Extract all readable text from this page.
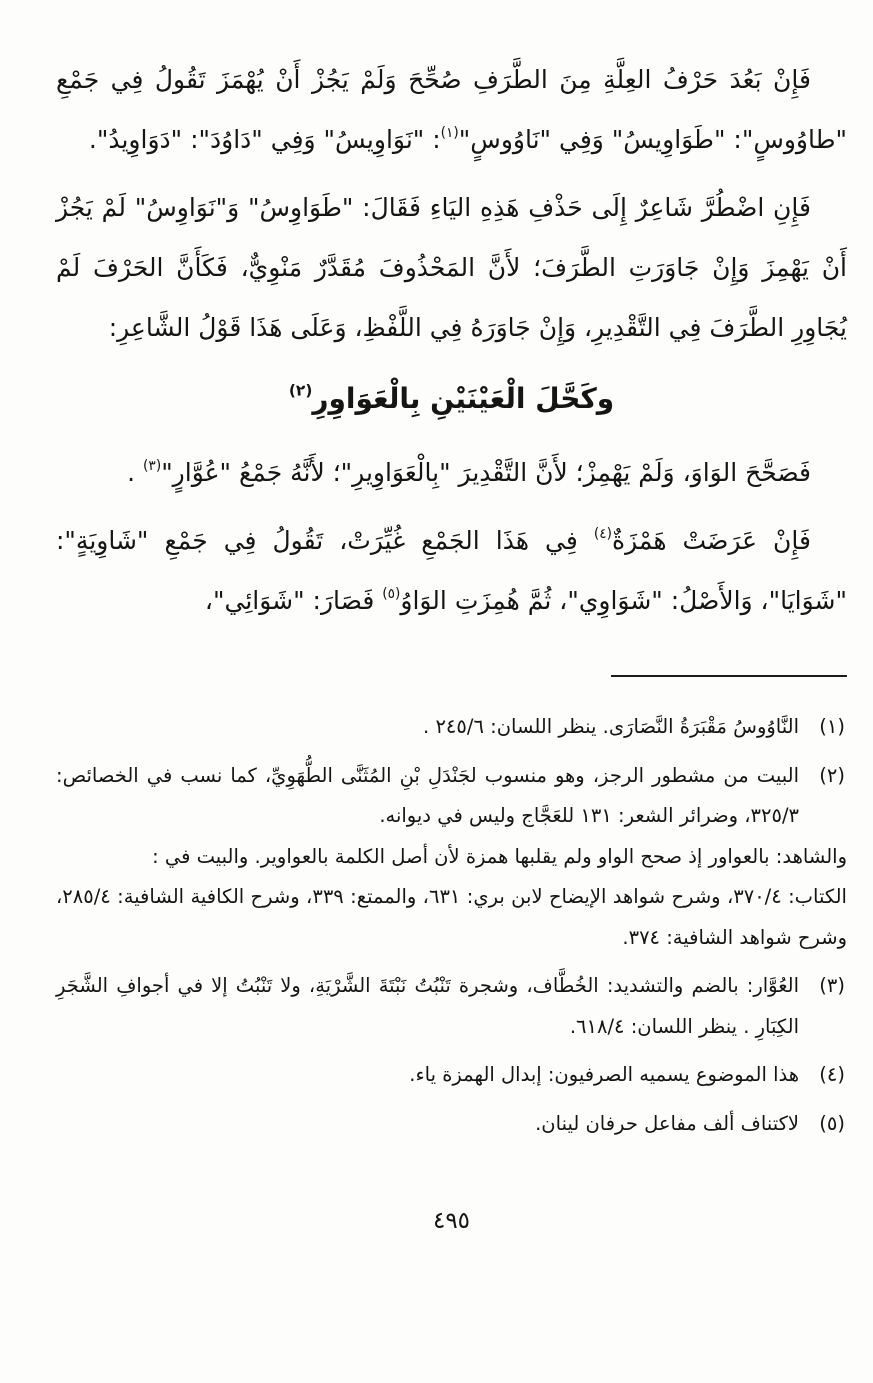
فَإِنْ بَعُدَ حَرْفُ العِلَّةِ مِنَ الطَّرَفِ صُحِّحَ وَلَمْ يَجُزْ أَنْ يُهْمَزَ تَقُولُ فِي جَمْعِ "طاوُوسٍ": "طَوَاوِيسُ" وَفِي "نَاوُوسٍ"$^{(١)}$: "نَوَاوِيسُ" وَفِي "دَاوُدَ": "دَوَاوِيدُ".

فَإِنِ اضْطُرَّ شَاعِرٌ إِلَى حَذْفِ هَذِهِ اليَاءِ فَقَالَ: "طَوَاوِسُ" وَ"نَوَاوِسُ" لَمْ يَجُزْ أَنْ يَهْمِزَ وَإِنْ جَاوَرَتِ الطَّرَفَ؛ لأَنَّ المَحْذُوفَ مُقَدَّرٌ مَنْوِيٌّ، فَكَأَنَّ الحَرْفَ لَمْ يُجَاوِرِ الطَّرَفَ فِي التَّقْدِيرِ، وَإِنْ جَاوَرَهُ فِي اللَّفْظِ، وَعَلَى هَذَا قَوْلُ الشَّاعِرِ:

وكَحَّلَ الْعَيْنَيْنِ بِالْعَوَاوِرِ$^{(٢)}$

فَصَحَّحَ الوَاوَ، وَلَمْ يَهْمِزْ؛ لأَنَّ التَّقْدِيرَ "بِالْعَوَاوِيرِ"؛ لأَنَّهُ جَمْعُ "عُوَّارٍ"$^{(٣)}$ .

فَإِنْ عَرَضَتْ هَمْزَةٌ$^{(٤)}$ فِي هَذَا الجَمْعِ غُيِّرَتْ، تَقُولُ فِي جَمْعِ "شَاوِيَةٍ": "شَوَايَا"، وَالأَصْلُ: "شَوَاوِي"، ثُمَّ هُمِزَتِ الوَاوُ$^{(٥)}$ فَصَارَ: "شَوَائِي"،

(١)
النَّاوُوسُ مَقْبَرَةُ النَّصَارَى. ينظر اللسان: ٢٤٥/٦ .
(٢)
البيت من مشطور الرجز، وهو منسوب لجَنْدَلِ بْنِ المُثَنَّى الطُّهَوِيِّ، كما نسب في الخصائص: ٣٢٥/٣، وضرائر الشعر: ١٣١ للعَجَّاج وليس في ديوانه.
والشاهد: بالعواور إذ صحح الواو ولم يقلبها همزة لأن أصل الكلمة بالعواوير. والبيت في :
الكتاب: ٣٧٠/٤، وشرح شواهد الإيضاح لابن بري: ٦٣١، والممتع: ٣٣٩، وشرح الكافية الشافية: ٢٨٥/٤، وشرح شواهد الشافية: ٣٧٤.
(٣)
العُوَّار: بالضم والتشديد: الخُطَّاف، وشجرة تَنْبُتُ نَبْتَةَ الشَّرْيَةِ، ولا تَنْبُتُ إلا في أجوافِ الشَّجَرِ الكِبَارِ . ينظر اللسان: ٦١٨/٤.
(٤)
هذا الموضوع يسميه الصرفيون: إبدال الهمزة ياء.
(٥)
لاكتناف ألف مفاعل حرفان لينان.
٤٩٥
